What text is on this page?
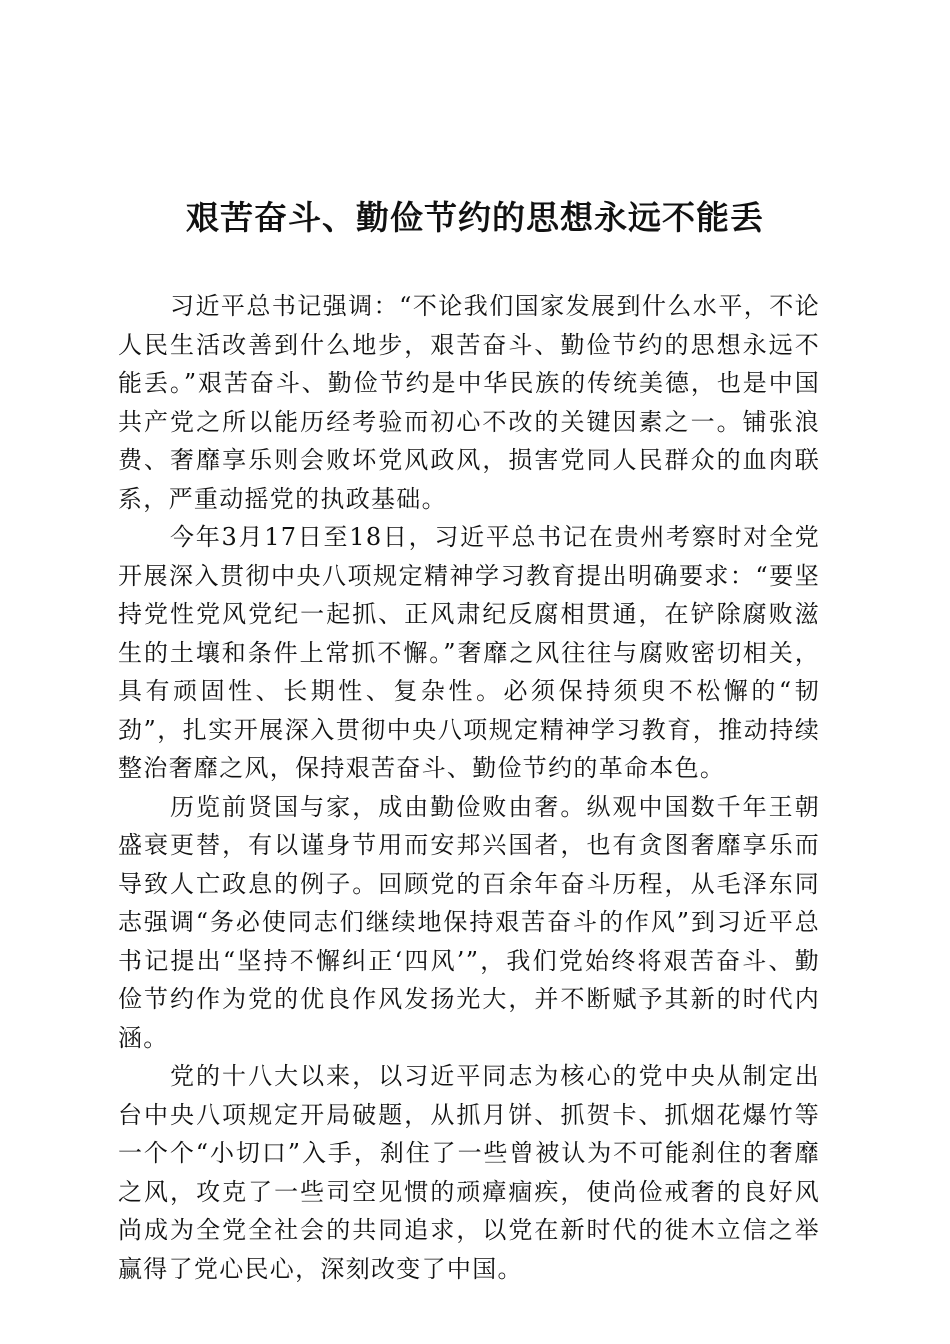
艰苦奋斗、勤俭节约的思想永远不能丢

习近平总书记强调：“不论我们国家发展到什么水平，不论人民生活改善到什么地步，艰苦奋斗、勤俭节约的思想永远不能丢。”艰苦奋斗、勤俭节约是中华民族的传统美德，也是中国共产党之所以能历经考验而初心不改的关键因素之一。铺张浪费、奢靡享乐则会败坏党风政风，损害党同人民群众的血肉联系，严重动摇党的执政基础。

今年3月17日至18日，习近平总书记在贵州考察时对全党开展深入贯彻中央八项规定精神学习教育提出明确要求：“要坚持党性党风党纪一起抓、正风肃纪反腐相贯通，在铲除腐败滋生的土壤和条件上常抓不懈。”奢靡之风往往与腐败密切相关，具有顽固性、长期性、复杂性。必须保持须臾不松懈的“韧劲”，扎实开展深入贯彻中央八项规定精神学习教育，推动持续整治奢靡之风，保持艰苦奋斗、勤俭节约的革命本色。

历览前贤国与家，成由勤俭败由奢。纵观中国数千年王朝盛衰更替，有以谨身节用而安邦兴国者，也有贪图奢靡享乐而导致人亡政息的例子。回顾党的百余年奋斗历程，从毛泽东同志强调“务必使同志们继续地保持艰苦奋斗的作风”到习近平总书记提出“坚持不懈纠正‘四风’”，我们党始终将艰苦奋斗、勤俭节约作为党的优良作风发扬光大，并不断赋予其新的时代内涵。

党的十八大以来，以习近平同志为核心的党中央从制定出台中央八项规定开局破题，从抓月饼、抓贺卡、抓烟花爆竹等一个个“小切口”入手，刹住了一些曾被认为不可能刹住的奢靡之风，攻克了一些司空见惯的顽瘴痼疾，使尚俭戒奢的良好风尚成为全党全社会的共同追求，以党在新时代的徙木立信之举赢得了党心民心，深刻改变了中国。
